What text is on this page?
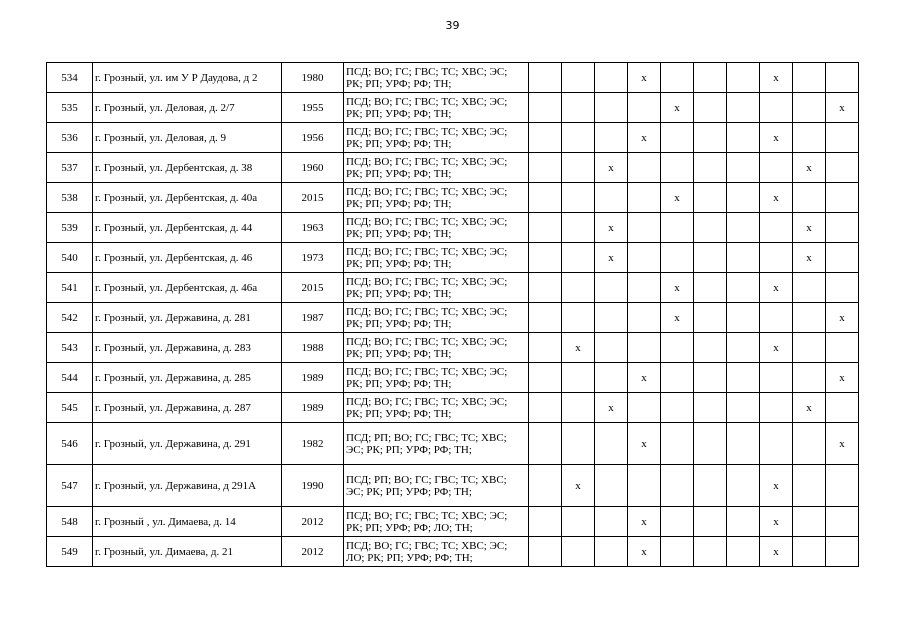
39
534	г. Грозный, ул. им У Р Даудова, д 2	1980	ПСД; ВО; ГС; ГВС; ТС; ХВС; ЭС; РК; РП; УРФ; РФ; ТН;				x				x		
535	г. Грозный, ул. Деловая, д. 2/7	1955	ПСД; ВО; ГС; ГВС; ТС; ХВС; ЭС; РК; РП; УРФ; РФ; ТН;					x					x
536	г. Грозный, ул. Деловая, д. 9	1956	ПСД; ВО; ГС; ГВС; ТС; ХВС; ЭС; РК; РП; УРФ; РФ; ТН;				x				x		
537	г. Грозный, ул. Дербентская, д. 38	1960	ПСД; ВО; ГС; ГВС; ТС; ХВС; ЭС; РК; РП; УРФ; РФ; ТН;			x						x	
538	г. Грозный, ул. Дербентская, д. 40а	2015	ПСД; ВО; ГС; ГВС; ТС; ХВС; ЭС; РК; РП; УРФ; РФ; ТН;					x			x		
539	г. Грозный, ул. Дербентская, д. 44	1963	ПСД; ВО; ГС; ГВС; ТС; ХВС; ЭС; РК; РП; УРФ; РФ; ТН;			x						x	
540	г. Грозный, ул. Дербентская, д. 46	1973	ПСД; ВО; ГС; ГВС; ТС; ХВС; ЭС; РК; РП; УРФ; РФ; ТН;			x						x	
541	г. Грозный, ул. Дербентская, д. 46а	2015	ПСД; ВО; ГС; ГВС; ТС; ХВС; ЭС; РК; РП; УРФ; РФ; ТН;					x			x		
542	г. Грозный, ул. Державина, д. 281	1987	ПСД; ВО; ГС; ГВС; ТС; ХВС; ЭС; РК; РП; УРФ; РФ; ТН;					x					x
543	г. Грозный, ул. Державина, д. 283	1988	ПСД; ВО; ГС; ГВС; ТС; ХВС; ЭС; РК; РП; УРФ; РФ; ТН;		x						x		
544	г. Грозный, ул. Державина, д. 285	1989	ПСД; ВО; ГС; ГВС; ТС; ХВС; ЭС; РК; РП; УРФ; РФ; ТН;				x						x
545	г. Грозный, ул. Державина, д. 287	1989	ПСД; ВО; ГС; ГВС; ТС; ХВС; ЭС; РК; РП; УРФ; РФ; ТН;			x						x	
546	г. Грозный, ул. Державина, д. 291	1982	ПСД; РП; ВО; ГС; ГВС; ТС; ХВС; ЭС; РК; РП; УРФ; РФ; ТН;				x						x
547	г. Грозный, ул. Державина, д 291А	1990	ПСД; РП; ВО; ГС; ГВС; ТС; ХВС; ЭС; РК; РП; УРФ; РФ; ТН;		x						x		
548	г. Грозный , ул. Димаева, д. 14	2012	ПСД; ВО; ГС; ГВС; ТС; ХВС; ЭС; РК; РП; УРФ; РФ; ЛО; ТН;				x				x		
549	г. Грозный, ул. Димаева, д. 21	2012	ПСД; ВО; ГС; ГВС; ТС; ХВС; ЭС; ЛО; РК; РП; УРФ; РФ; ТН;				x				x		
